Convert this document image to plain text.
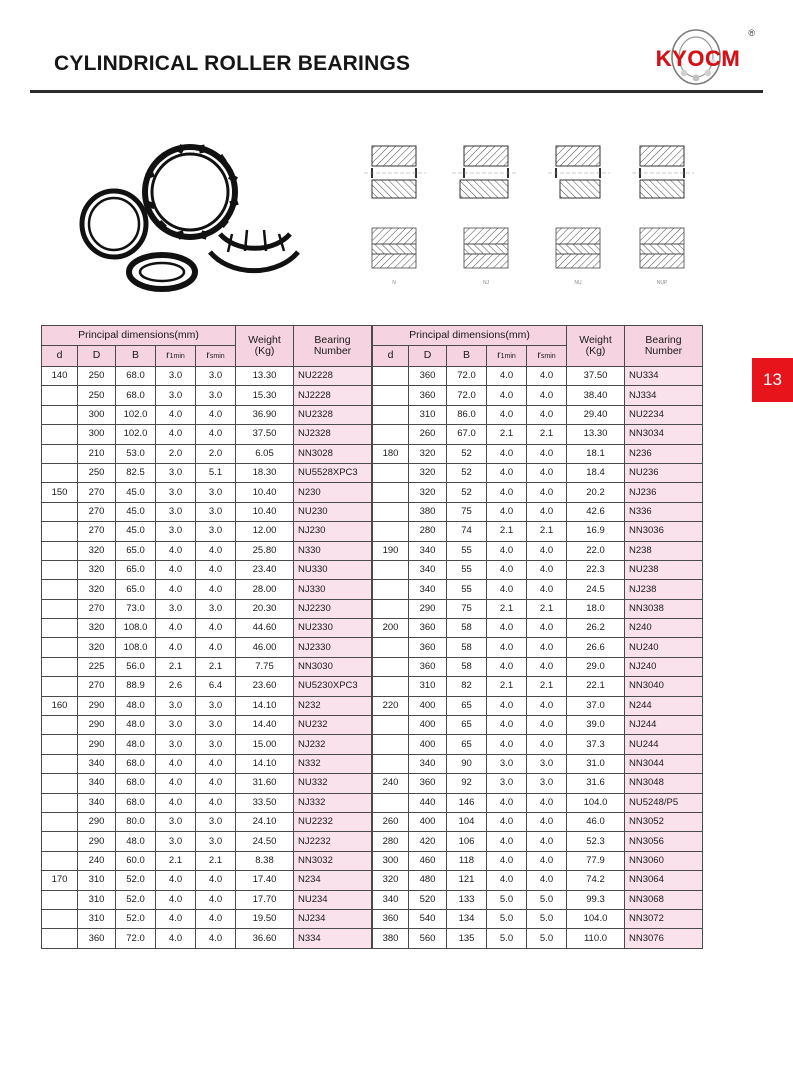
CYLINDRICAL ROLLER BEARINGS	KYOCM
®
N	NJ	NU	NUP
13
Principal dimensions(mm)	Weight
(Kg)

Bearing
Number

d	D	B	r1min	rsmin		
140	250	68.0	3.0	3.0	13.30	NU2228
	250	68.0	3.0	3.0	15.30	NJ2228
	300	102.0	4.0	4.0	36.90	NU2328
	300	102.0	4.0	4.0	37.50	NJ2328
	210	53.0	2.0	2.0	6.05	NN3028
	250	82.5	3.0	5.1	18.30	NU5528XPC3
150	270	45.0	3.0	3.0	10.40	N230
	270	45.0	3.0	3.0	10.40	NU230
	270	45.0	3.0	3.0	12.00	NJ230
	320	65.0	4.0	4.0	25.80	N330
	320	65.0	4.0	4.0	23.40	NU330
	320	65.0	4.0	4.0	28.00	NJ330
	270	73.0	3.0	3.0	20.30	NJ2230
	320	108.0	4.0	4.0	44.60	NU2330
	320	108.0	4.0	4.0	46.00	NJ2330
	225	56.0	2.1	2.1	7.75	NN3030
	270	88.9	2.6	6.4	23.60	NU5230XPC3
160	290	48.0	3.0	3.0	14.10	N232
	290	48.0	3.0	3.0	14.40	NU232
	290	48.0	3.0	3.0	15.00	NJ232
	340	68.0	4.0	4.0	14.10	N332
	340	68.0	4.0	4.0	31.60	NU332
	340	68.0	4.0	4.0	33.50	NJ332
	290	80.0	3.0	3.0	24.10	NU2232
	290	48.0	3.0	3.0	24.50	NJ2232
	240	60.0	2.1	2.1	8.38	NN3032
170	310	52.0	4.0	4.0	17.40	N234
	310	52.0	4.0	4.0	17.70	NU234
	310	52.0	4.0	4.0	19.50	NJ234
	360	72.0	4.0	4.0	36.60	N334
Principal dimensions(mm)	Weight
(Kg)

Bearing
Number

d	D	B	r1min	rsmin		
	360	72.0	4.0	4.0	37.50	NU334
	360	72.0	4.0	4.0	38.40	NJ334
	310	86.0	4.0	4.0	29.40	NU2234
	260	67.0	2.1	2.1	13.30	NN3034
180	320	52	4.0	4.0	18.1	N236
	320	52	4.0	4.0	18.4	NU236
	320	52	4.0	4.0	20.2	NJ236
	380	75	4.0	4.0	42.6	N336
	280	74	2.1	2.1	16.9	NN3036
190	340	55	4.0	4.0	22.0	N238
	340	55	4.0	4.0	22.3	NU238
	340	55	4.0	4.0	24.5	NJ238
	290	75	2.1	2.1	18.0	NN3038
200	360	58	4.0	4.0	26.2	N240
	360	58	4.0	4.0	26.6	NU240
	360	58	4.0	4.0	29.0	NJ240
	310	82	2.1	2.1	22.1	NN3040
220	400	65	4.0	4.0	37.0	N244
	400	65	4.0	4.0	39.0	NJ244
	400	65	4.0	4.0	37.3	NU244
	340	90	3.0	3.0	31.0	NN3044
240	360	92	3.0	3.0	31.6	NN3048
	440	146	4.0	4.0	104.0	NU5248/P5
260	400	104	4.0	4.0	46.0	NN3052
280	420	106	4.0	4.0	52.3	NN3056
300	460	118	4.0	4.0	77.9	NN3060
320	480	121	4.0	4.0	74.2	NN3064
340	520	133	5.0	5.0	99.3	NN3068
360	540	134	5.0	5.0	104.0	NN3072
380	560	135	5.0	5.0	110.0	NN3076
